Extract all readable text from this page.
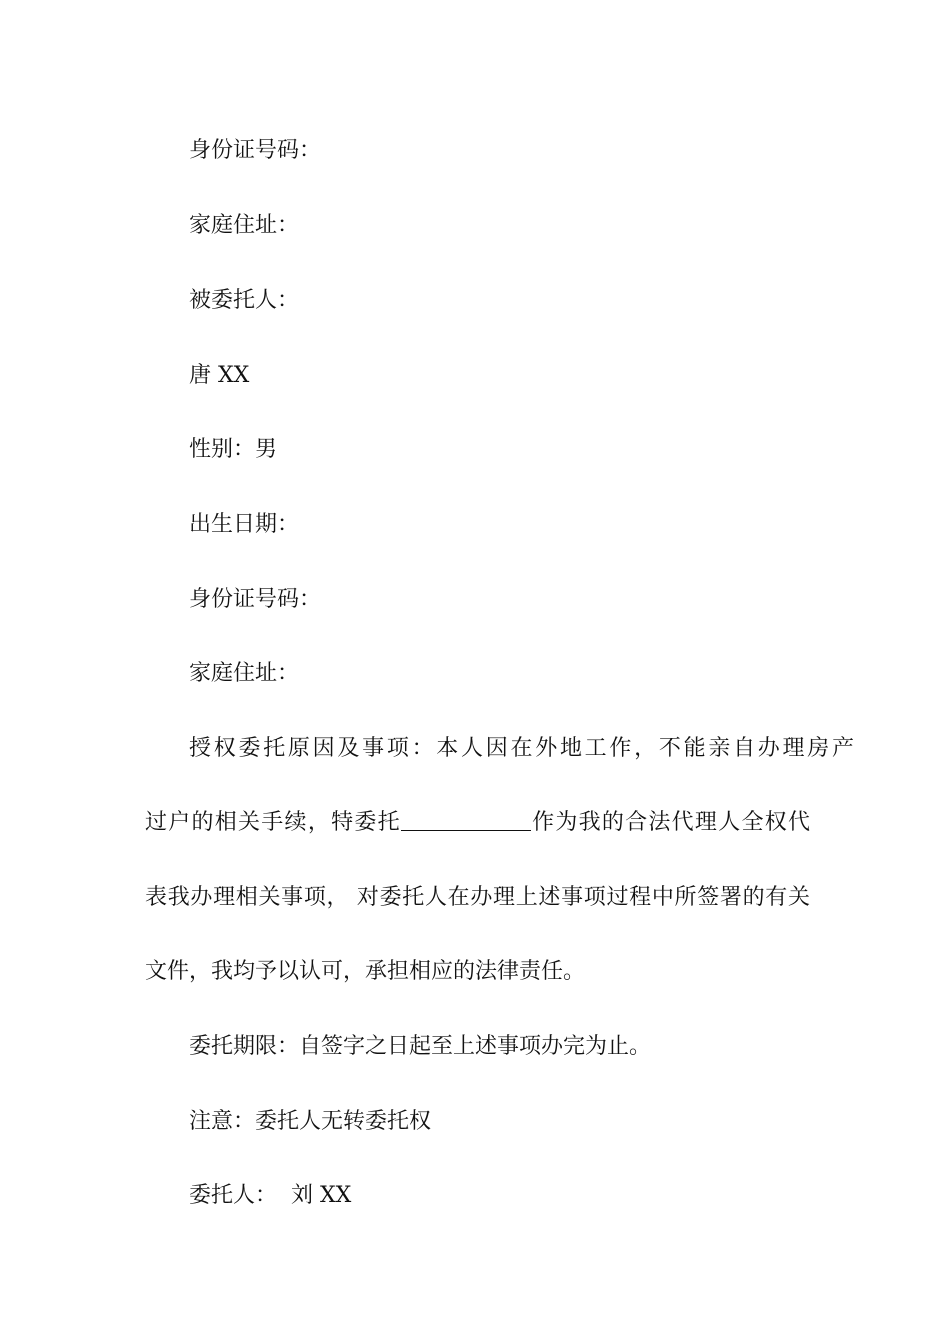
身份证号码：
家庭住址：
被委托人：
唐 XX
性别：男
出生日期：
身份证号码：
家庭住址：
授权委托原因及事项：本人因在外地工作，不能亲自办理房产
过户的相关手续，特委托	作为我的合法代理人全权代
表我办理相关事项， 对委托人在办理上述事项过程中所签署的有关
文件，我均予以认可，承担相应的法律责任。
委托期限：自签字之日起至上述事项办完为止。
注意：委托人无转委托权
委托人： 刘 XX
